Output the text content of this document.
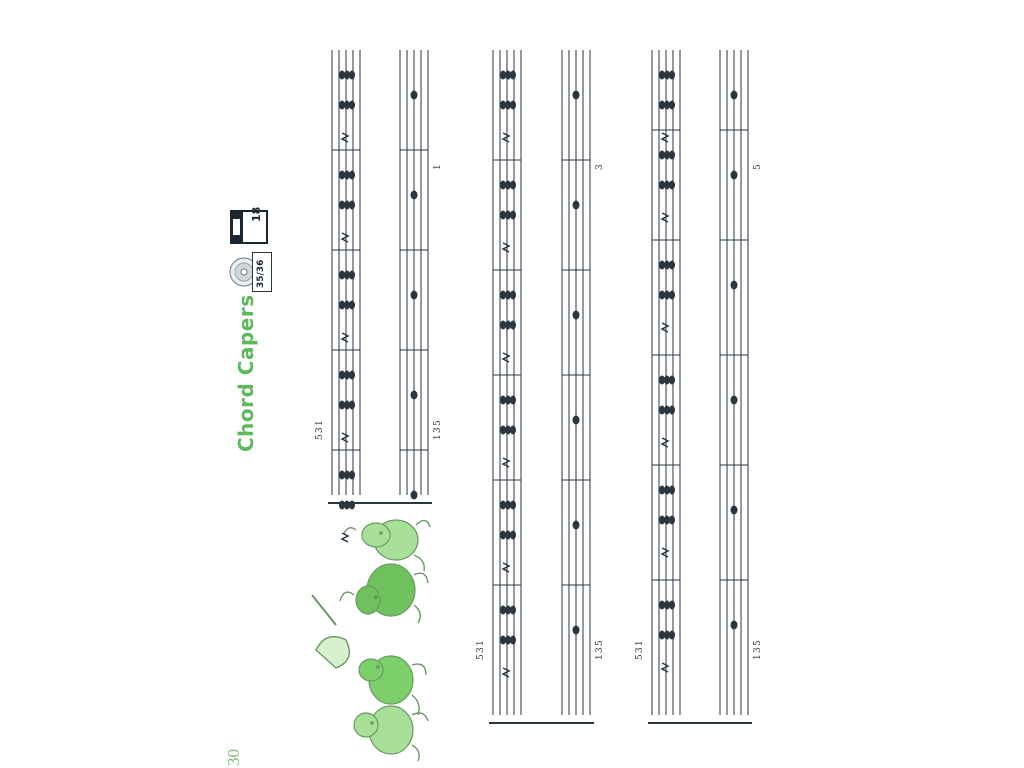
Chord Capers
30
18
35/36
5
3
1
1
3
5
1
5
3
1
1
3
5
3
5
3
1
1
3
5
5
